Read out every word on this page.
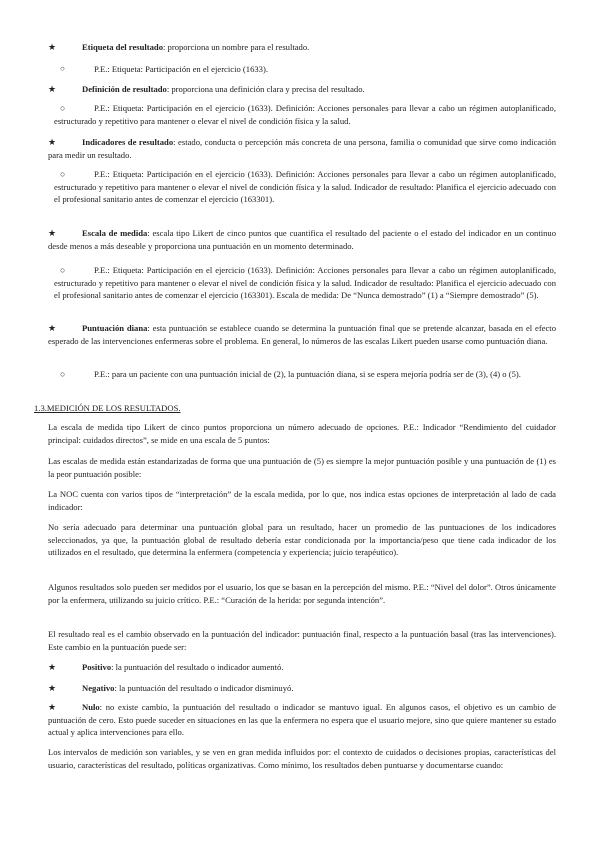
★	Etiqueta del resultado: proporciona un nombre para el resultado.

○	P.E.: Etiqueta: Participación en el ejercicio (1633).

★	Definición de resultado: proporciona una definición clara y precisa del resultado.

○	P.E.: Etiqueta: Participación en el ejercicio (1633). Definición: Acciones personales para llevar a cabo un régimen autoplanificado, estructurado y repetitivo para mantener o elevar el nivel de condición física y la salud.

★	Indicadores de resultado: estado, conducta o percepción más concreta de una persona, familia o comunidad que sirve como indicación para medir un resultado.

○	P.E.: Etiqueta: Participación en el ejercicio (1633). Definición: Acciones personales para llevar a cabo un régimen autoplanificado, estructurado y repetitivo para mantener o elevar el nivel de condición física y la salud. Indicador de resultado: Planifica el ejercicio adecuado con el profesional sanitario antes de comenzar el ejercicio (163301).

★	Escala de medida: escala tipo Likert de cinco puntos que cuantifica el resultado del paciente o el estado del indicador en un continuo desde menos a más deseable y proporciona una puntuación en un momento determinado.

○	P.E.: Etiqueta: Participación en el ejercicio (1633). Definición: Acciones personales para llevar a cabo un régimen autoplanificado, estructurado y repetitivo para mantener o elevar el nivel de condición física y la salud. Indicador de resultado: Planifica el ejercicio adecuado con el profesional sanitario antes de comenzar el ejercicio (163301). Escala de medida: De “Nunca demostrado” (1) a “Siempre demostrado” (5).

★	Puntuación diana: esta puntuación se establece cuando se determina la puntuación final que se pretende alcanzar, basada en el efecto esperado de las intervenciones enfermeras sobre el problema. En general, lo números de las escalas Likert pueden usarse como puntuación diana.

○	P.E.: para un paciente con una puntuación inicial de (2), la puntuación diana, si se espera mejoría podría ser de (3), (4) o (5).

1.3.MEDICIÓN DE LOS RESULTADOS.

La escala de medida tipo Likert de cinco puntos proporciona un número adecuado de opciones. P.E.: Indicador “Rendimiento del cuidador principal: cuidados directos”, se mide en una escala de 5 puntos:

Las escalas de medida están estandarizadas de forma que una puntuación de (5) es siempre la mejor puntuación posible y una puntuación de (1) es la peor puntuación posible:

La NOC cuenta con varios tipos de “interpretación” de la escala medida, por lo que, nos indica estas opciones de interpretación al lado de cada indicador:

No sería adecuado para determinar una puntuación global para un resultado, hacer un promedio de las puntuaciones de los indicadores seleccionados, ya que, la puntuación global de resultado debería estar condicionada por la importancia/peso que tiene cada indicador de los utilizados en el resultado, que determina la enfermera (competencia y experiencia; juicio terapéutico).

Algunos resultados solo pueden ser medidos por el usuario, los que se basan en la percepción del mismo. P.E.: “Nivel del dolor”. Otros únicamente por la enfermera, utilizando su juicio crítico. P.E.: “Curación de la herida: por segunda intención”.

El resultado real es el cambio observado en la puntuación del indicador: puntuación final, respecto a la puntuación basal (tras las intervenciones). Este cambio en la puntuación puede ser:

★	Positivo: la puntuación del resultado o indicador aumentó.

★	Negativo: la puntuación del resultado o indicador disminuyó.

★	Nulo: no existe cambio, la puntuación del resultado o indicador se mantuvo igual. En algunos casos, el objetivo es un cambio de puntuación de cero. Esto puede suceder en situaciones en las que la enfermera no espera que el usuario mejore, sino que quiere mantener su estado actual y aplica intervenciones para ello.

Los intervalos de medición son variables, y se ven en gran medida influidos por: el contexto de cuidados o decisiones propias, características del usuario, características del resultado, políticas organizativas. Como mínimo, los resultados deben puntuarse y documentarse cuando:
